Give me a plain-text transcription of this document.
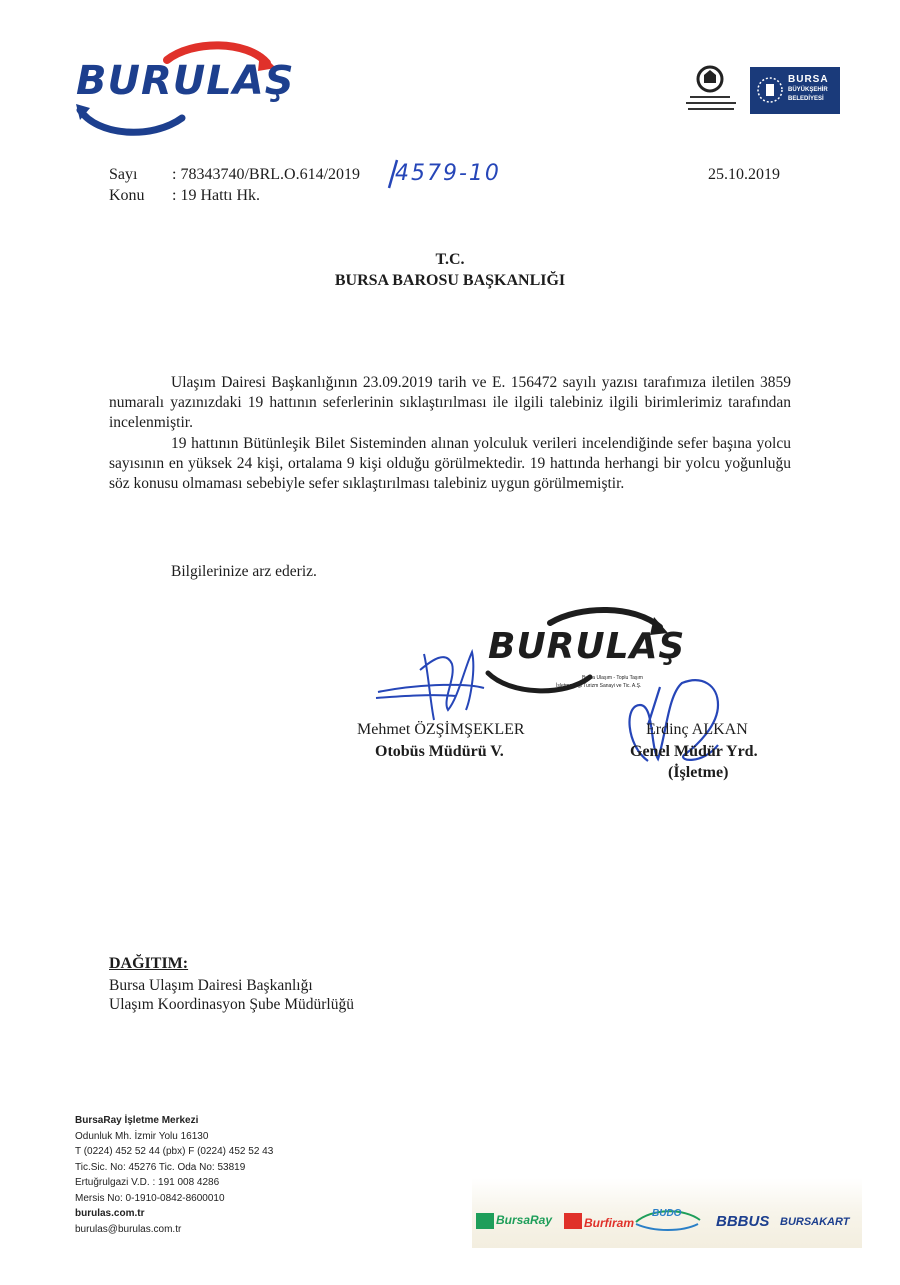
BURULAŞ	BURSA
BÜYÜKŞEHİR
BELEDİYESİ
Sayı : 78343740/BRL.O.614/2019 4579-10	25.10.2019
Konu : 19 Hattı Hk.
T.C.
BURSA BAROSU BAŞKANLIĞI
Ulaşım Dairesi Başkanlığının 23.09.2019 tarih ve E. 156472 sayılı yazısı tarafımıza iletilen 3859 numaralı yazınızdaki 19 hattının seferlerinin sıklaştırılması ile ilgili talebiniz ilgili birimlerimiz tarafından incelenmiştir.
19 hattının Bütünleşik Bilet Sisteminden alınan yolculuk verileri incelendiğinde sefer başına yolcu sayısının en yüksek 24 kişi, ortalama 9 kişi olduğu görülmektedir. 19 hattında herhangi bir yolcu yoğunluğu söz konusu olmaması sebebiyle sefer sıklaştırılması talebiniz uygun görülmemiştir.
Bilgilerinize arz ederiz.
BURULAŞ
Bursa Ulaşım - Toplu Taşım
İşletmeciliği Turizm Sanayi ve Tic. A.Ş.
Mehmet ÖZŞİMŞEKLER
Otobüs Müdürü V.
Erdinç ALKAN
Genel Müdür Yrd.
(İşletme)
DAĞITIM:
Bursa Ulaşım Dairesi Başkanlığı
Ulaşım Koordinasyon Şube Müdürlüğü
BursaRay İşletme Merkezi
Odunluk Mh. İzmir Yolu 16130
T (0224) 452 52 44 (pbx) F (0224) 452 52 43
Tic.Sic. No: 45276 Tic. Oda No: 53819
Ertuğrulgazi V.D. : 191 008 4286
Mersis No: 0-1910-0842-8600010
burulas.com.tr
burulas@burulas.com.tr
BursaRay	Burfiram
BUDO BBBUS BURSAKART
